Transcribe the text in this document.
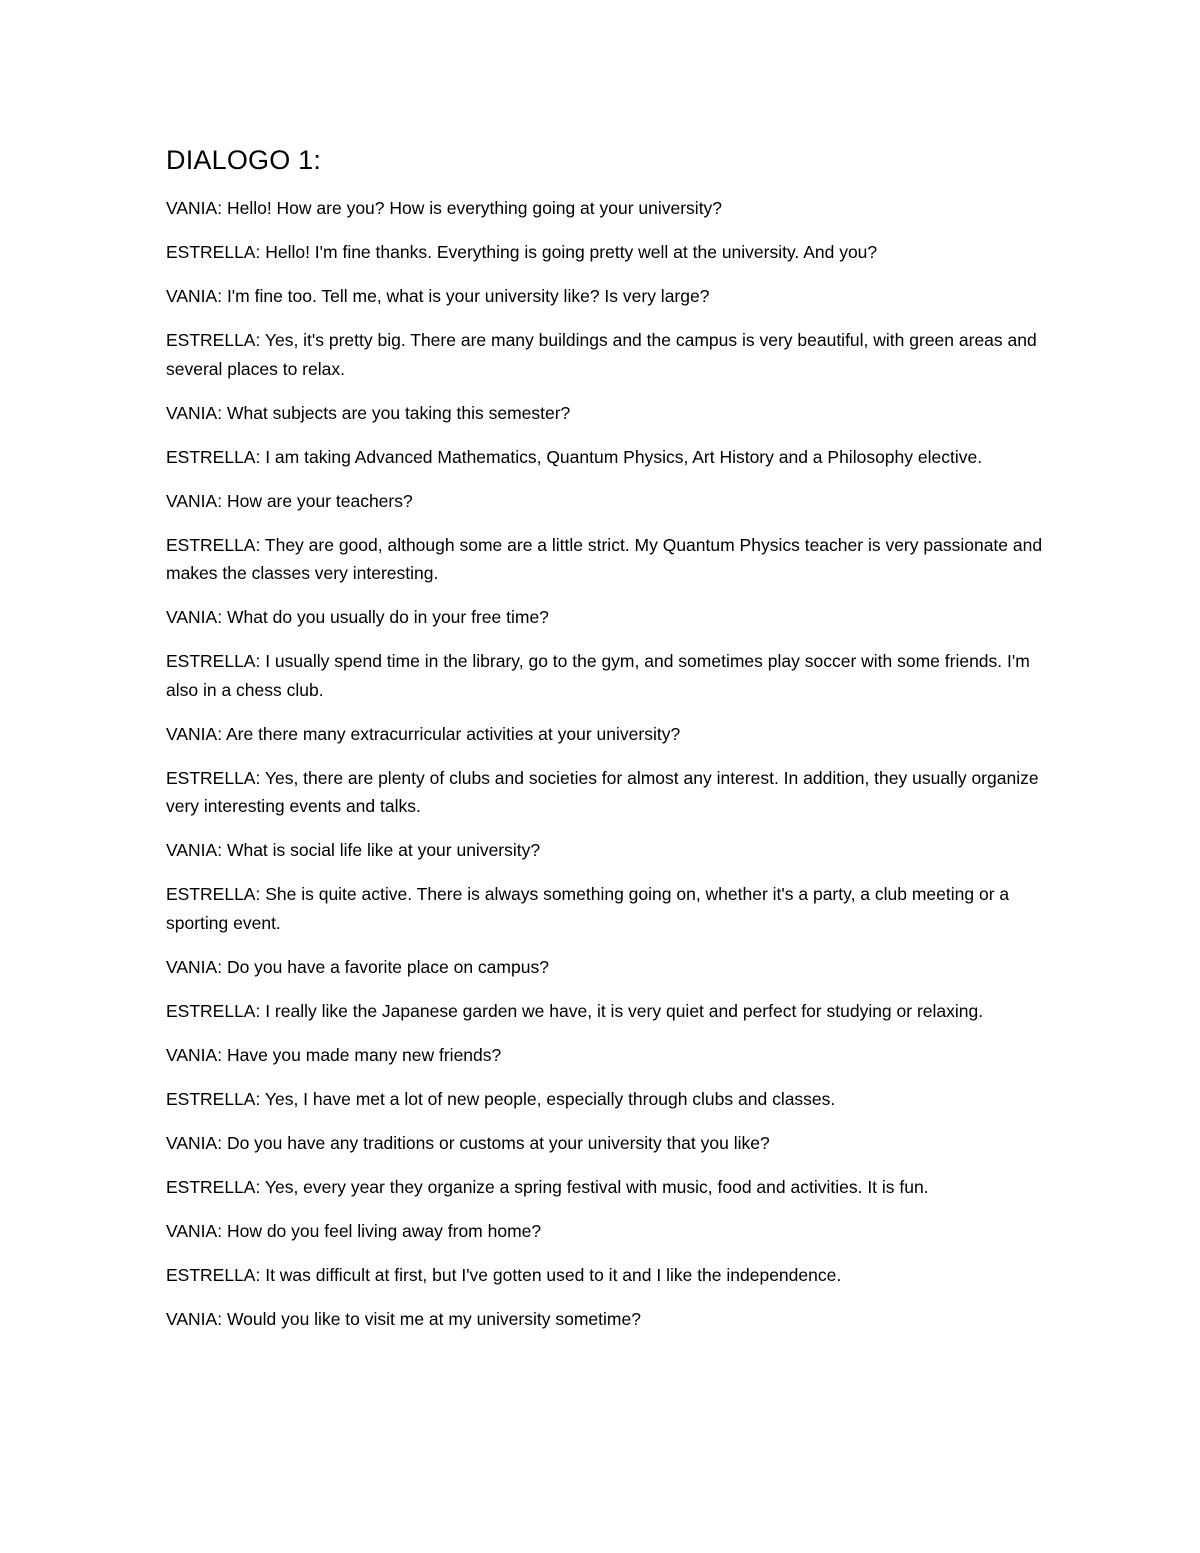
DIALOGO 1:

VANIA: Hello! How are you? How is everything going at your university?

ESTRELLA: Hello! I'm fine thanks. Everything is going pretty well at the university. And you?

VANIA: I'm fine too. Tell me, what is your university like? Is very large?

ESTRELLA: Yes, it's pretty big. There are many buildings and the campus is very beautiful, with green areas and several places to relax.

VANIA: What subjects are you taking this semester?

ESTRELLA: I am taking Advanced Mathematics, Quantum Physics, Art History and a Philosophy elective.

VANIA: How are your teachers?

ESTRELLA: They are good, although some are a little strict. My Quantum Physics teacher is very passionate and makes the classes very interesting.

VANIA: What do you usually do in your free time?

ESTRELLA: I usually spend time in the library, go to the gym, and sometimes play soccer with some friends. I'm also in a chess club.

VANIA: Are there many extracurricular activities at your university?

ESTRELLA: Yes, there are plenty of clubs and societies for almost any interest. In addition, they usually organize very interesting events and talks.

VANIA: What is social life like at your university?

ESTRELLA: She is quite active. There is always something going on, whether it's a party, a club meeting or a sporting event.

VANIA: Do you have a favorite place on campus?

ESTRELLA: I really like the Japanese garden we have, it is very quiet and perfect for studying or relaxing.

VANIA: Have you made many new friends?

ESTRELLA: Yes, I have met a lot of new people, especially through clubs and classes.

VANIA: Do you have any traditions or customs at your university that you like?

ESTRELLA: Yes, every year they organize a spring festival with music, food and activities. It is fun.

VANIA: How do you feel living away from home?

ESTRELLA: It was difficult at first, but I've gotten used to it and I like the independence.

VANIA: Would you like to visit me at my university sometime?
